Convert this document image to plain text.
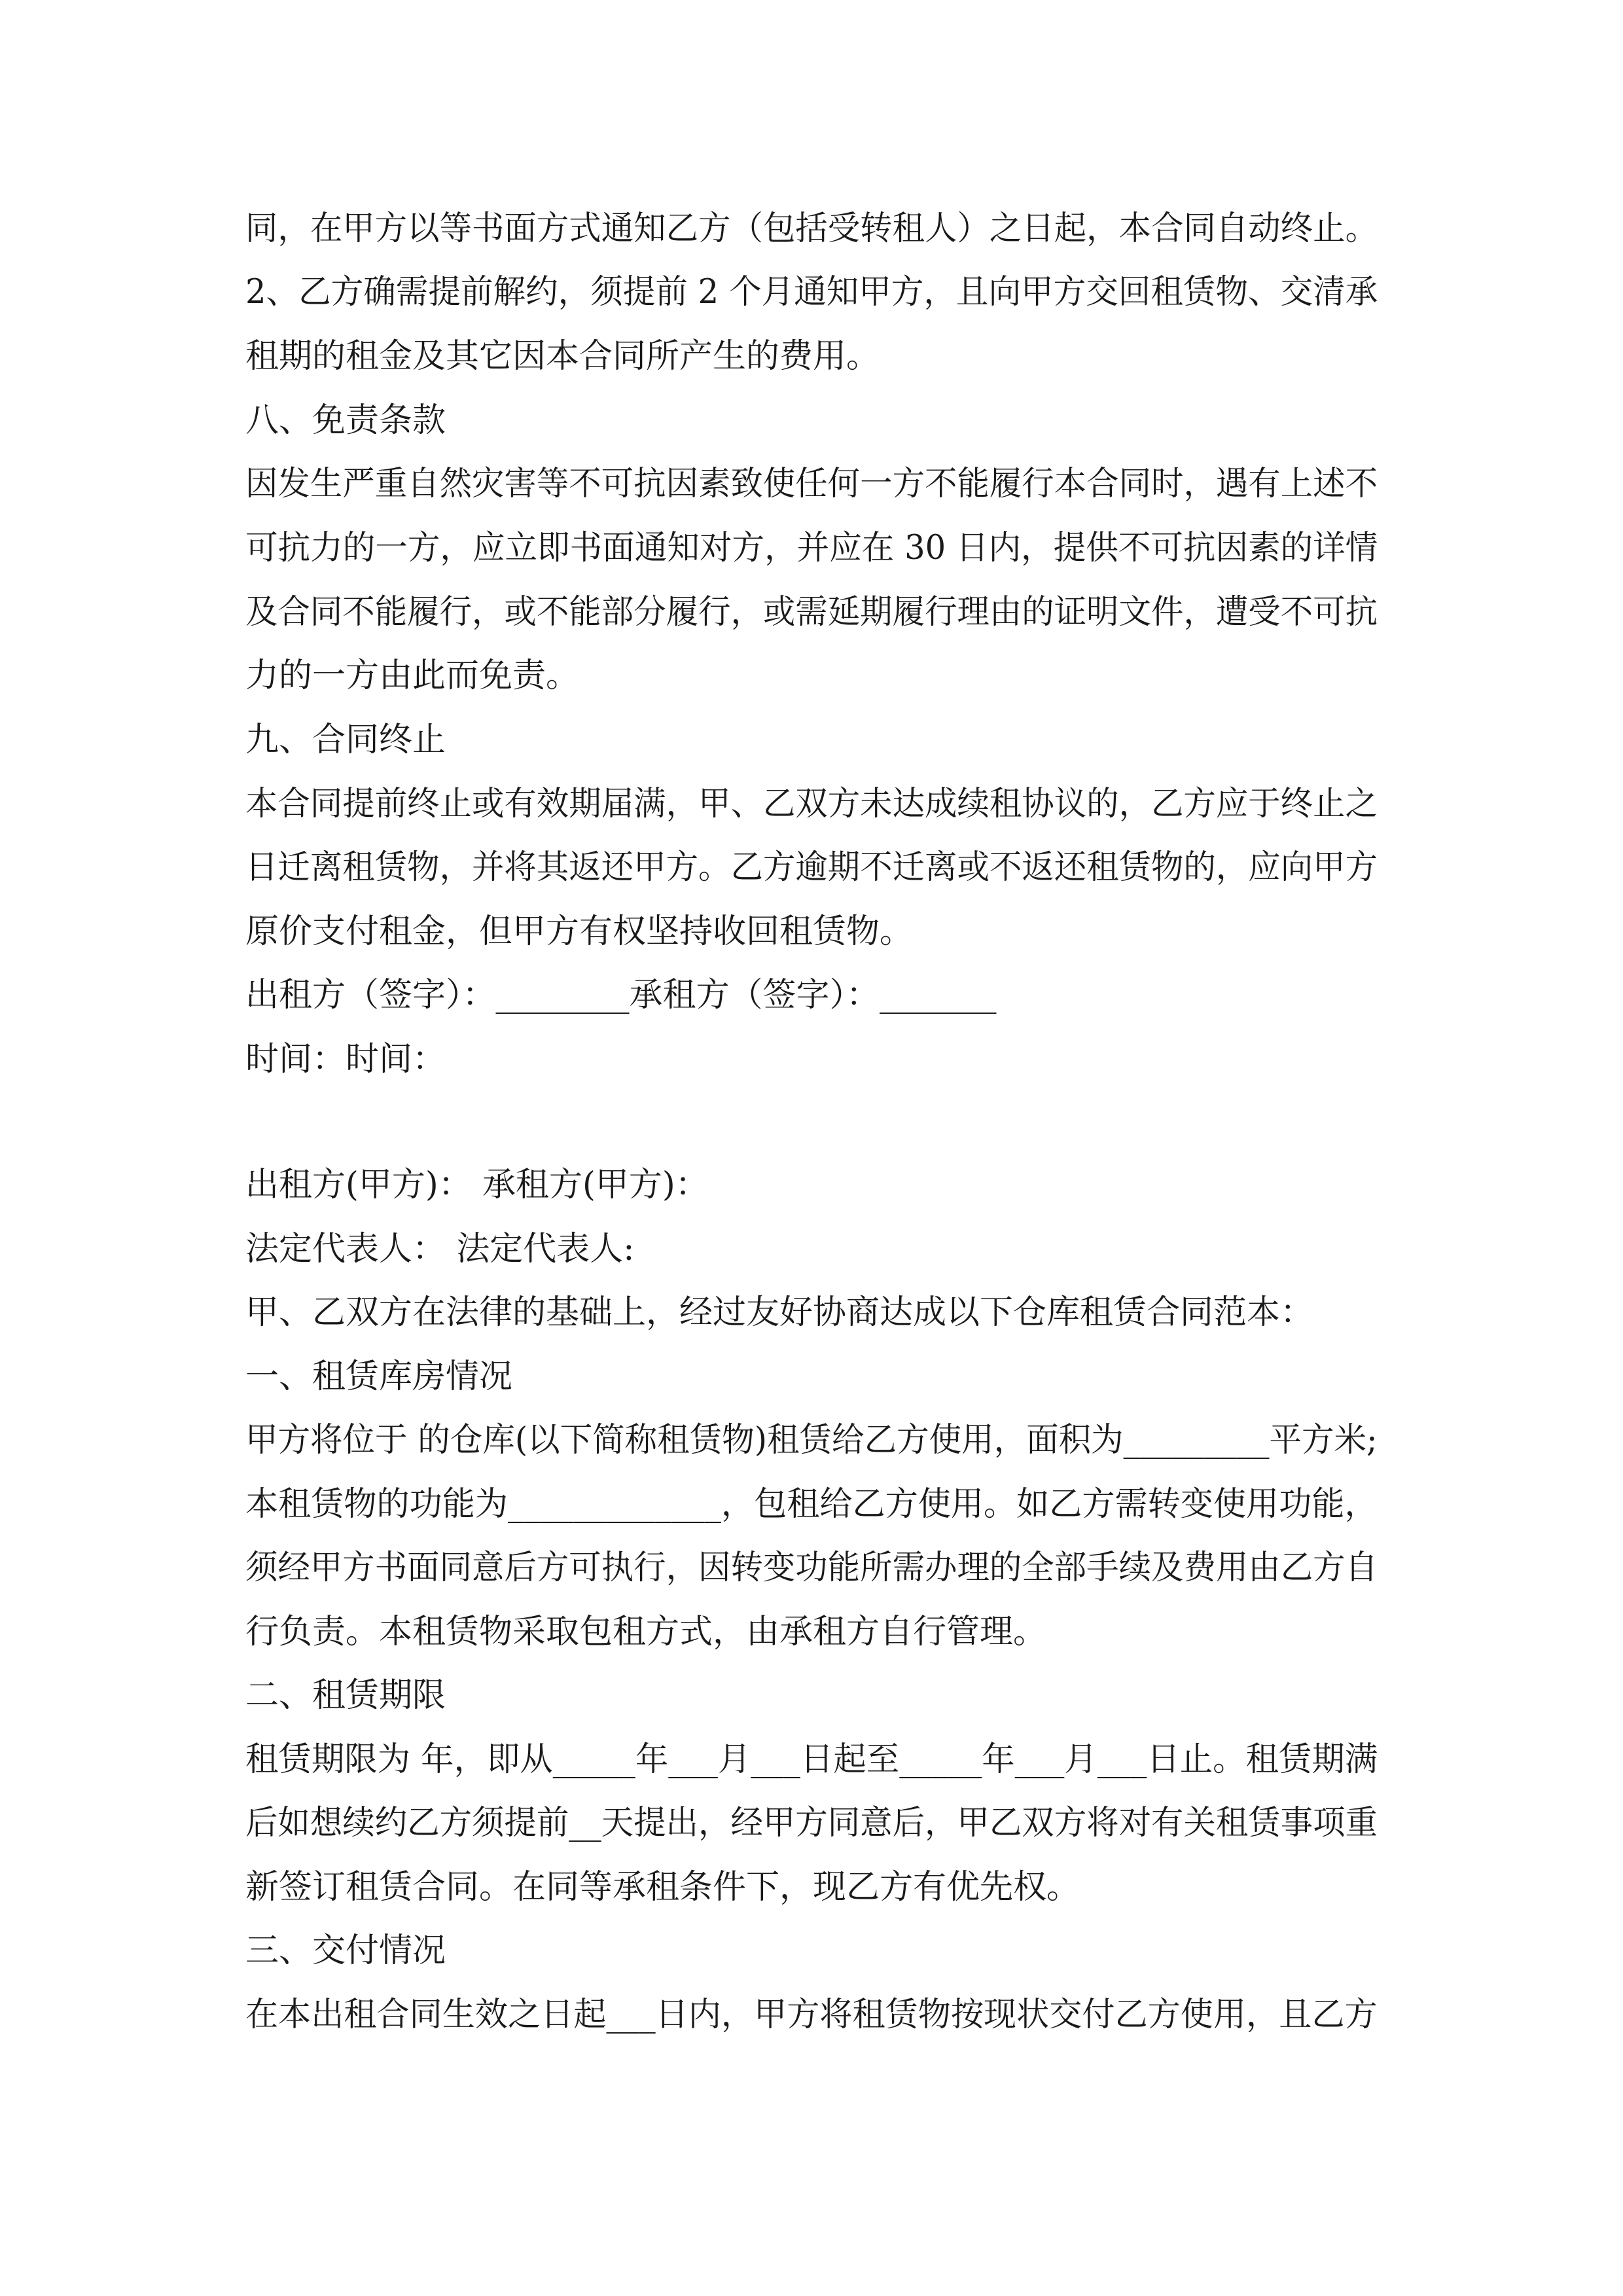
同，在甲方以等书面方式通知乙方（包括受转租人）之日起，本合同自动终止。

2、乙方确需提前解约，须提前 2 个月通知甲方，且向甲方交回租赁物、交清承

租期的租金及其它因本合同所产生的费用。

八、免责条款

因发生严重自然灾害等不可抗因素致使任何一方不能履行本合同时，遇有上述不

可抗力的一方，应立即书面通知对方，并应在 30 日内，提供不可抗因素的详情

及合同不能履行，或不能部分履行，或需延期履行理由的证明文件，遭受不可抗

力的一方由此而免责。

九、合同终止

本合同提前终止或有效期届满，甲、乙双方未达成续租协议的，乙方应于终止之

日迁离租赁物，并将其返还甲方。乙方逾期不迁离或不返还租赁物的，应向甲方

原价支付租金，但甲方有权坚持收回租赁物。

出租方（签字）：________承租方（签字）：_______

时间：时间：

出租方(甲方)： 承租方(甲方)：

法定代表人： 法定代表人:

甲、乙双方在法律的基础上，经过友好协商达成以下仓库租赁合同范本：

一、租赁库房情况

甲方将位于 的仓库(以下简称租赁物)租赁给乙方使用，面积为_________平方米;

本租赁物的功能为_____________，包租给乙方使用。如乙方需转变使用功能，

须经甲方书面同意后方可执行，因转变功能所需办理的全部手续及费用由乙方自

行负责。本租赁物采取包租方式，由承租方自行管理。

二、租赁期限

租赁期限为 年，即从_____年___月___日起至_____年___月___日止。租赁期满

后如想续约乙方须提前__天提出，经甲方同意后，甲乙双方将对有关租赁事项重

新签订租赁合同。在同等承租条件下，现乙方有优先权。

三、交付情况

在本出租合同生效之日起___日内，甲方将租赁物按现状交付乙方使用，且乙方
